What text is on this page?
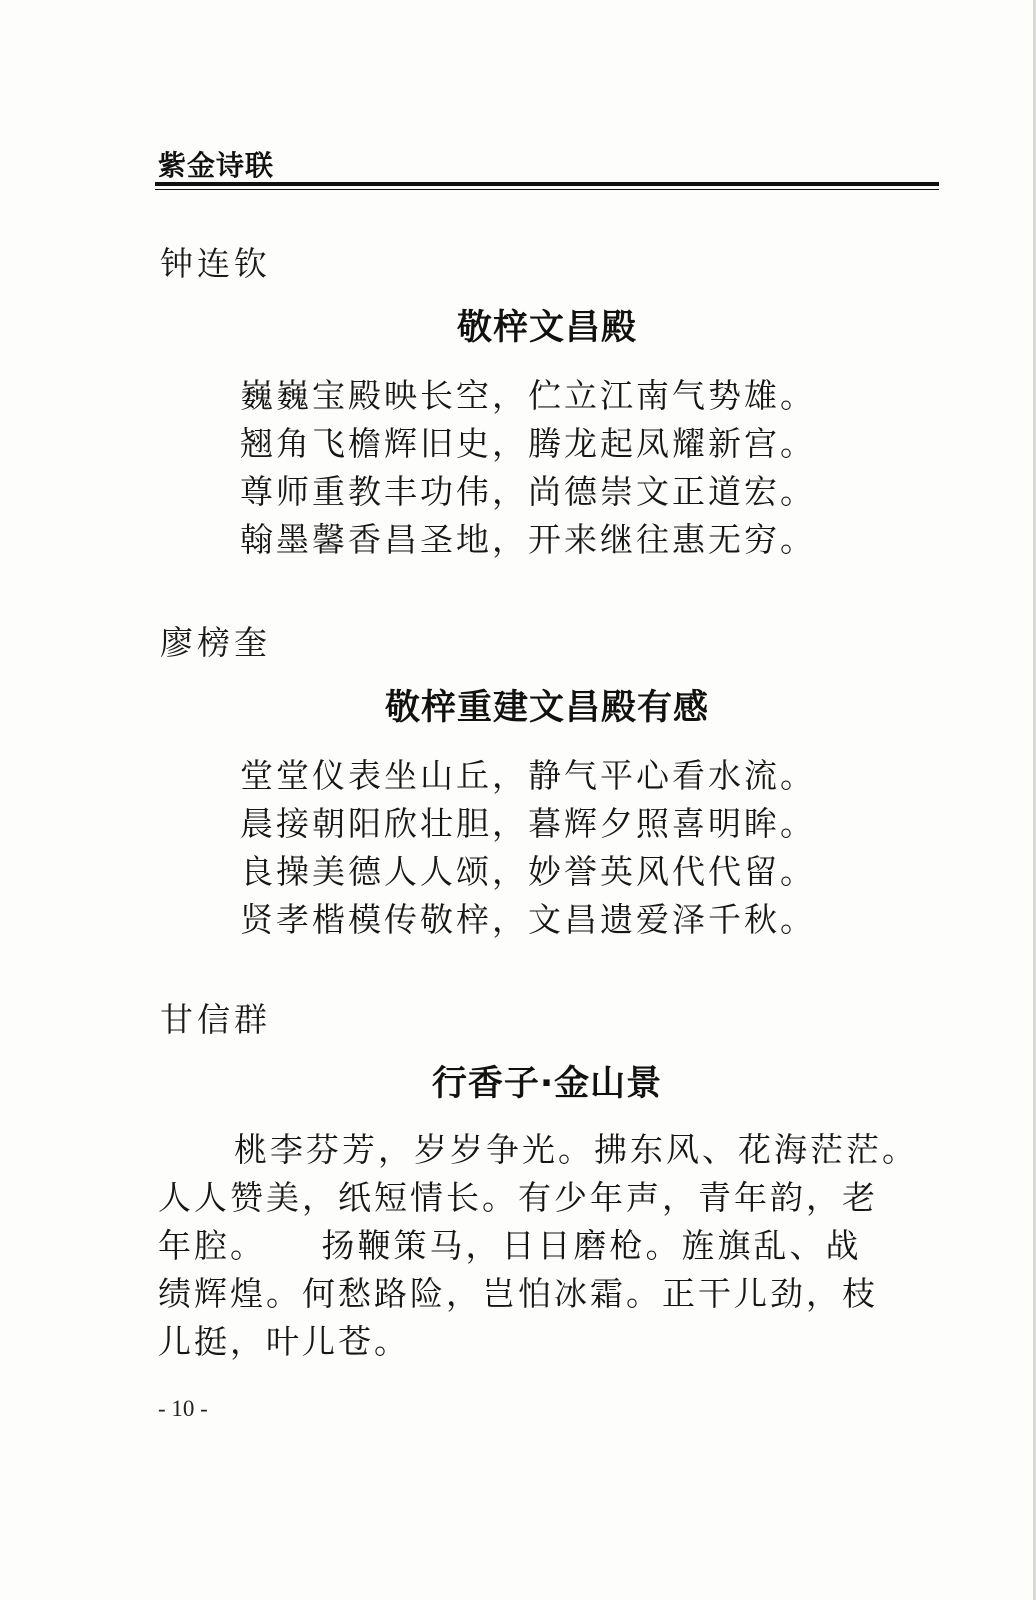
紫金诗联
钟连钦
敬梓文昌殿
巍巍宝殿映长空，伫立江南气势雄。
翘角飞檐辉旧史，腾龙起凤耀新宫。
尊师重教丰功伟，尚德崇文正道宏。
翰墨馨香昌圣地，开来继往惠无穷。
廖榜奎
敬梓重建文昌殿有感
堂堂仪表坐山丘，静气平心看水流。
晨接朝阳欣壮胆，暮辉夕照喜明眸。
良操美德人人颂，妙誉英风代代留。
贤孝楷模传敬梓，文昌遗爱泽千秋。
甘信群
行香子·金山景
桃李芬芳，岁岁争光。拂东风、花海茫茫。
人人赞美，纸短情长。有少年声，青年韵，老
年腔。　　扬鞭策马，日日磨枪。旌旗乱、战
绩辉煌。何愁路险，岂怕冰霜。正干儿劲，枝
儿挺，叶儿苍。
- 10 -
